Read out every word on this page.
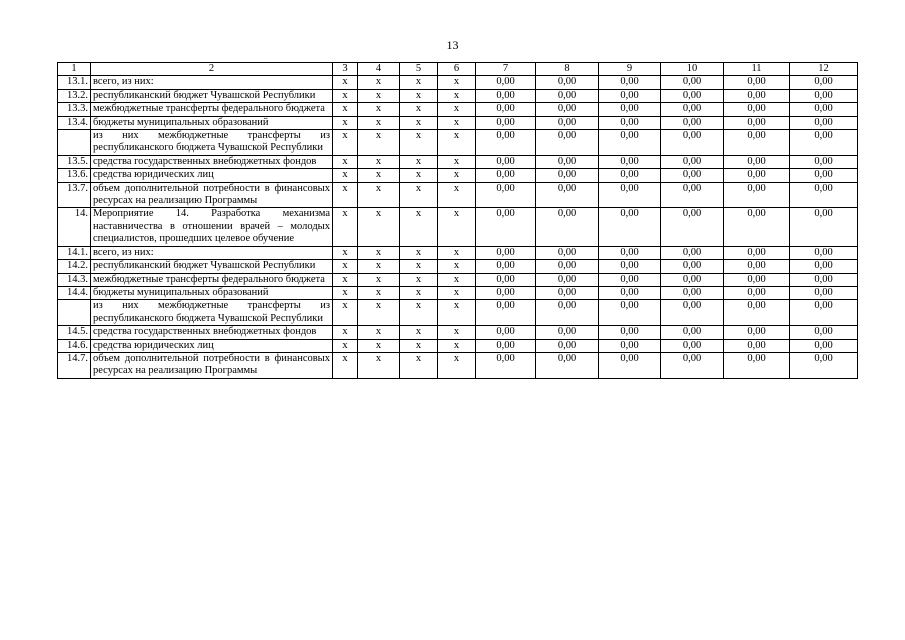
13
1	2	3	4	5	6	7	8	9	10	11	12
13.1.	всего, из них:	x	x	x	x	0,00	0,00	0,00	0,00	0,00	0,00
13.2.	республиканский бюджет Чувашской Республики	x	x	x	x	0,00	0,00	0,00	0,00	0,00	0,00
13.3.	межбюджетные трансферты федерального бюджета	x	x	x	x	0,00	0,00	0,00	0,00	0,00	0,00
13.4.	бюджеты муниципальных образований	x	x	x	x	0,00	0,00	0,00	0,00	0,00	0,00
	из них межбюджетные трансферты из республиканского бюджета Чувашской Республики	x	x	x	x	0,00	0,00	0,00	0,00	0,00	0,00
13.5.	средства государственных внебюджетных фондов	x	x	x	x	0,00	0,00	0,00	0,00	0,00	0,00
13.6.	средства юридических лиц	x	x	x	x	0,00	0,00	0,00	0,00	0,00	0,00
13.7.	объем дополнительной потребности в финансовых ресурсах на реализацию Программы	x	x	x	x	0,00	0,00	0,00	0,00	0,00	0,00
14.	Мероприятие 14. Разработка механизма наставничества в отношении врачей – молодых специалистов, прошедших целевое обучение	x	x	x	x	0,00	0,00	0,00	0,00	0,00	0,00
14.1.	всего, из них:	x	x	x	x	0,00	0,00	0,00	0,00	0,00	0,00
14.2.	республиканский бюджет Чувашской Республики	x	x	x	x	0,00	0,00	0,00	0,00	0,00	0,00
14.3.	межбюджетные трансферты федерального бюджета	x	x	x	x	0,00	0,00	0,00	0,00	0,00	0,00
14.4.	бюджеты муниципальных образований	x	x	x	x	0,00	0,00	0,00	0,00	0,00	0,00
	из них межбюджетные трансферты из республиканского бюджета Чувашской Республики	x	x	x	x	0,00	0,00	0,00	0,00	0,00	0,00
14.5.	средства государственных внебюджетных фондов	x	x	x	x	0,00	0,00	0,00	0,00	0,00	0,00
14.6.	средства юридических лиц	x	x	x	x	0,00	0,00	0,00	0,00	0,00	0,00
14.7.	объем дополнительной потребности в финансовых ресурсах на реализацию Программы	x	x	x	x	0,00	0,00	0,00	0,00	0,00	0,00
